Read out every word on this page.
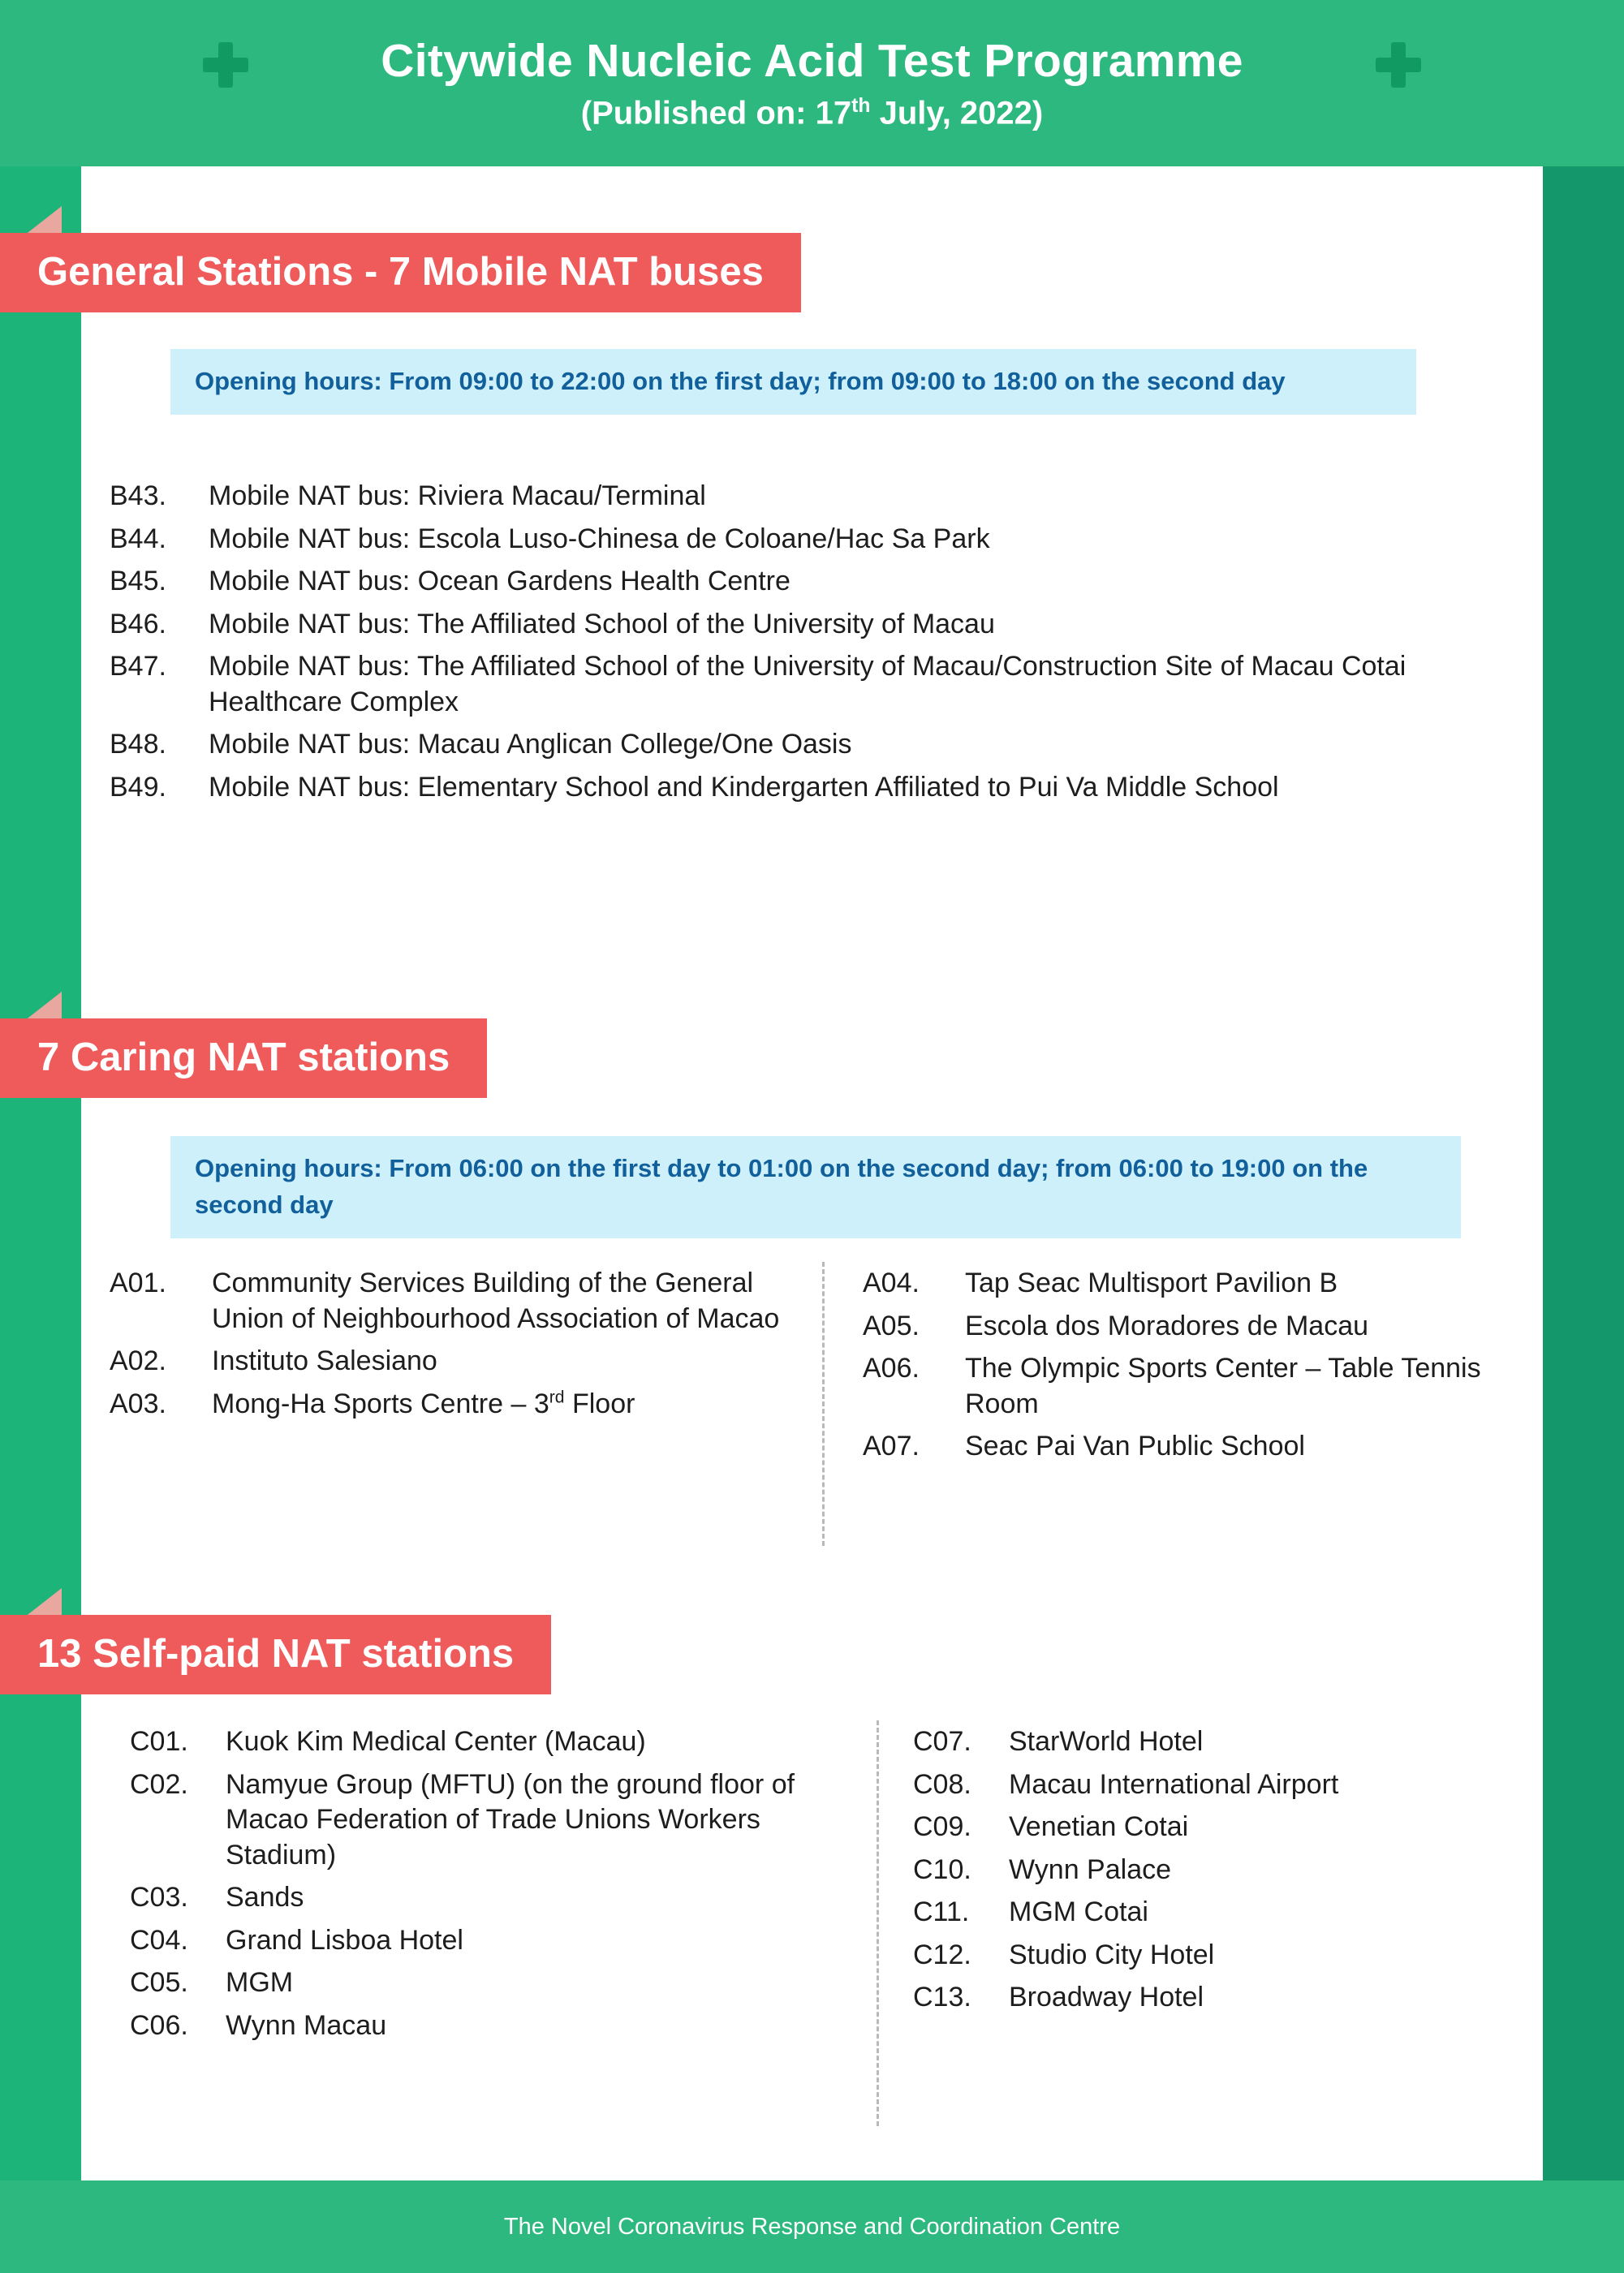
Citywide Nucleic Acid Test Programme
(Published on: 17th July, 2022)
General Stations - 7 Mobile NAT buses
Opening hours: From 09:00 to 22:00 on the first day; from 09:00 to 18:00 on the second day
B43.	Mobile NAT bus: Riviera Macau/Terminal
B44.	Mobile NAT bus: Escola Luso-Chinesa de Coloane/Hac Sa Park
B45.	Mobile NAT bus: Ocean Gardens Health Centre
B46.	Mobile NAT bus: The Affiliated School of the University of Macau
B47.	Mobile NAT bus: The Affiliated School of the University of Macau/Construction Site of Macau Cotai Healthcare Complex
B48.	Mobile NAT bus: Macau Anglican College/One Oasis
B49.	Mobile NAT bus: Elementary School and Kindergarten Affiliated to Pui Va Middle School
7 Caring NAT stations
Opening hours: From 06:00 on the first day to 01:00 on the second day; from 06:00 to 19:00 on the second day
A01.	Community Services Building of the General Union of Neighbourhood Association of Macao
A02.	Instituto Salesiano
A03.	Mong-Ha Sports Centre – 3rd Floor
A04.	Tap Seac Multisport Pavilion B
A05.	Escola dos Moradores de Macau
A06.	The Olympic Sports Center – Table Tennis Room
A07.	Seac Pai Van Public School
13 Self-paid NAT stations
C01.	Kuok Kim Medical Center (Macau)
C02.	Namyue Group (MFTU) (on the ground floor of Macao Federation of Trade Unions Workers Stadium)
C03.	Sands
C04.	Grand Lisboa Hotel
C05.	MGM
C06.	Wynn Macau
C07.	StarWorld Hotel
C08.	Macau International Airport
C09.	Venetian Cotai
C10.	Wynn Palace
C11.	MGM Cotai
C12.	Studio City Hotel
C13.	Broadway Hotel
The Novel Coronavirus Response and Coordination Centre
